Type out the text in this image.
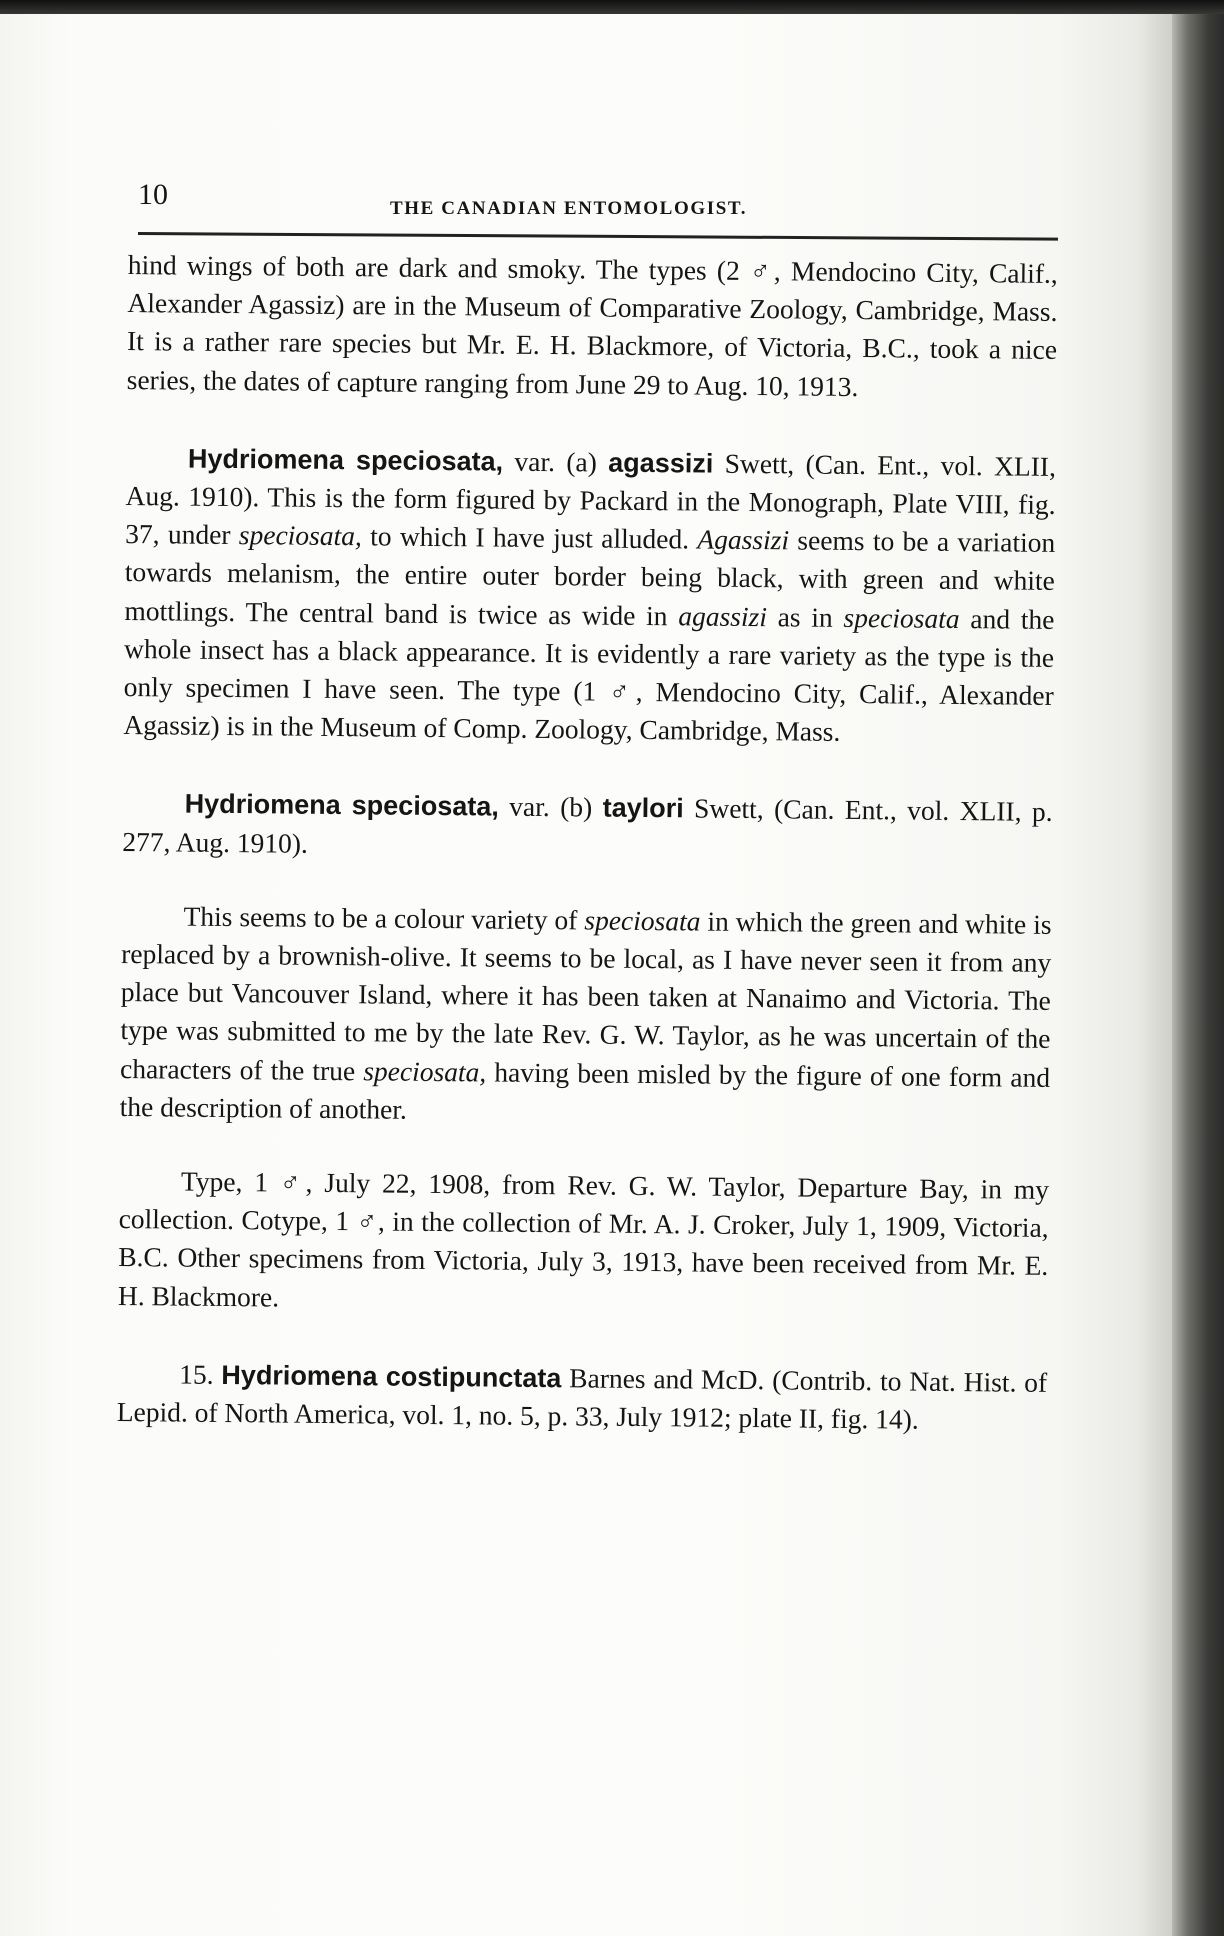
10	THE CANADIAN ENTOMOLOGIST.

hind wings of both are dark and smoky. The types (2 ♂, Mendocino City, Calif., Alexander Agassiz) are in the Museum of Comparative Zoology, Cambridge, Mass. It is a rather rare species but Mr. E. H. Blackmore, of Victoria, B.C., took a nice series, the dates of capture ranging from June 29 to Aug. 10, 1913.

Hydriomena speciosata, var. (a) agassizi Swett, (Can. Ent., vol. XLII, Aug. 1910). This is the form figured by Packard in the Monograph, Plate VIII, fig. 37, under speciosata, to which I have just alluded. Agassizi seems to be a variation towards melanism, the entire outer border being black, with green and white mottlings. The central band is twice as wide in agassizi as in speciosata and the whole insect has a black appearance. It is evidently a rare variety as the type is the only specimen I have seen. The type (1 ♂, Mendocino City, Calif., Alexander Agassiz) is in the Museum of Comp. Zoology, Cambridge, Mass.

Hydriomena speciosata, var. (b) taylori Swett, (Can. Ent., vol. XLII, p. 277, Aug. 1910).

This seems to be a colour variety of speciosata in which the green and white is replaced by a brownish-olive. It seems to be local, as I have never seen it from any place but Vancouver Island, where it has been taken at Nanaimo and Victoria. The type was submitted to me by the late Rev. G. W. Taylor, as he was uncertain of the characters of the true speciosata, having been misled by the figure of one form and the description of another.

Type, 1 ♂, July 22, 1908, from Rev. G. W. Taylor, Departure Bay, in my collection. Cotype, 1 ♂, in the collection of Mr. A. J. Croker, July 1, 1909, Victoria, B.C. Other specimens from Victoria, July 3, 1913, have been received from Mr. E. H. Blackmore.

15. Hydriomena costipunctata Barnes and McD. (Contrib. to Nat. Hist. of Lepid. of North America, vol. 1, no. 5, p. 33, July 1912; plate II, fig. 14).
